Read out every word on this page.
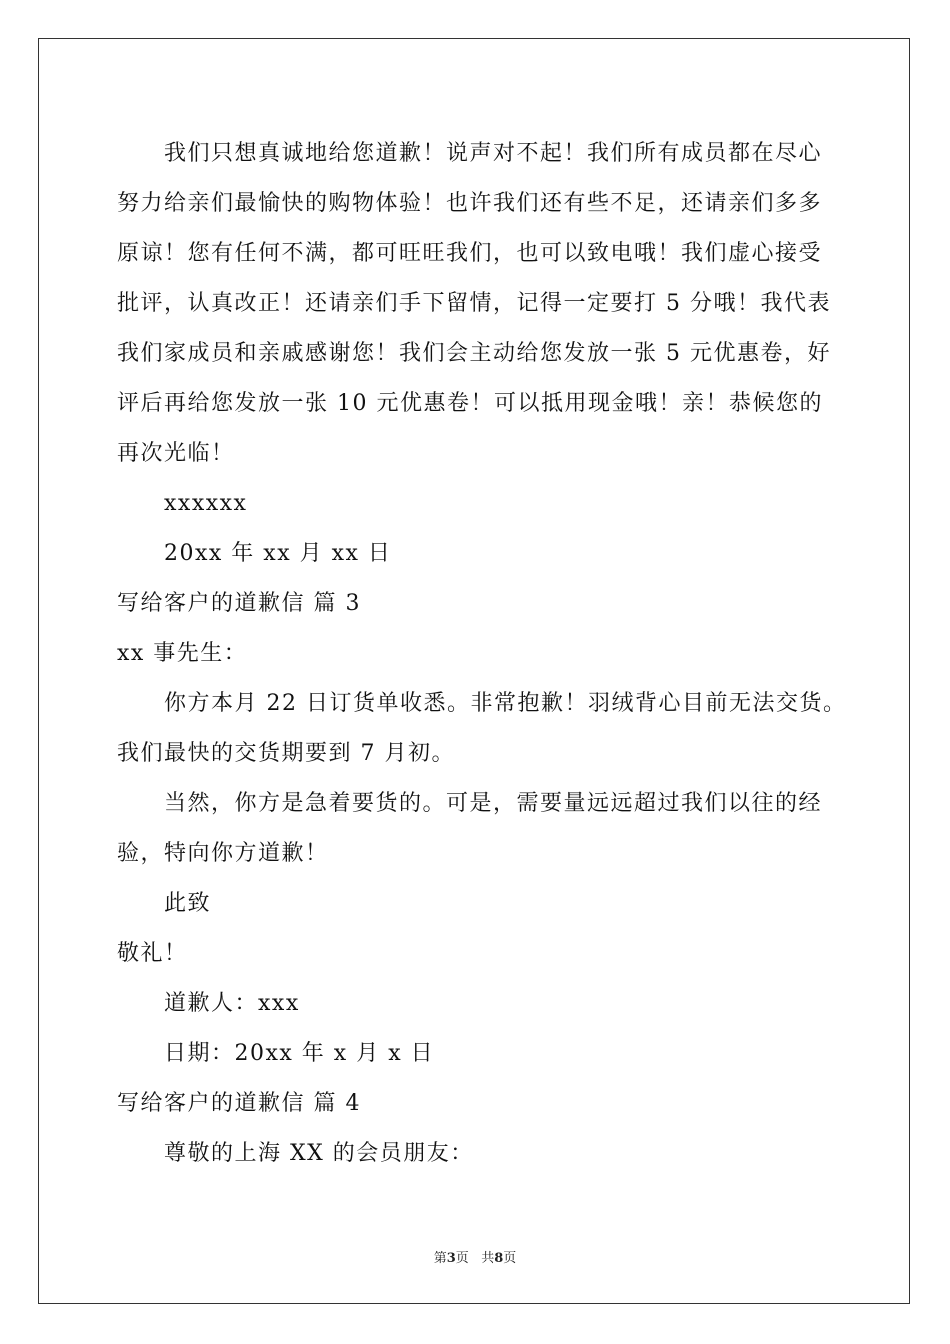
我们只想真诚地给您道歉！说声对不起！我们所有成员都在尽心
努力给亲们最愉快的购物体验！也许我们还有些不足，还请亲们多多
原谅！您有任何不满，都可旺旺我们，也可以致电哦！我们虚心接受
批评，认真改正！还请亲们手下留情，记得一定要打 5 分哦！我代表
我们家成员和亲戚感谢您！我们会主动给您发放一张 5 元优惠卷，好
评后再给您发放一张 10 元优惠卷！可以抵用现金哦！亲！恭候您的
再次光临！
xxxxxx
20xx 年 xx 月 xx 日
写给客户的道歉信 篇 3
xx 事先生：
你方本月 22 日订货单收悉。非常抱歉！羽绒背心目前无法交货。
我们最快的交货期要到 7 月初。
当然，你方是急着要货的。可是，需要量远远超过我们以往的经
验，特向你方道歉！
此致
敬礼！
道歉人：xxx
日期：20xx 年 x 月 x 日
写给客户的道歉信 篇 4
尊敬的上海 XX 的会员朋友：
第3页 共8页
